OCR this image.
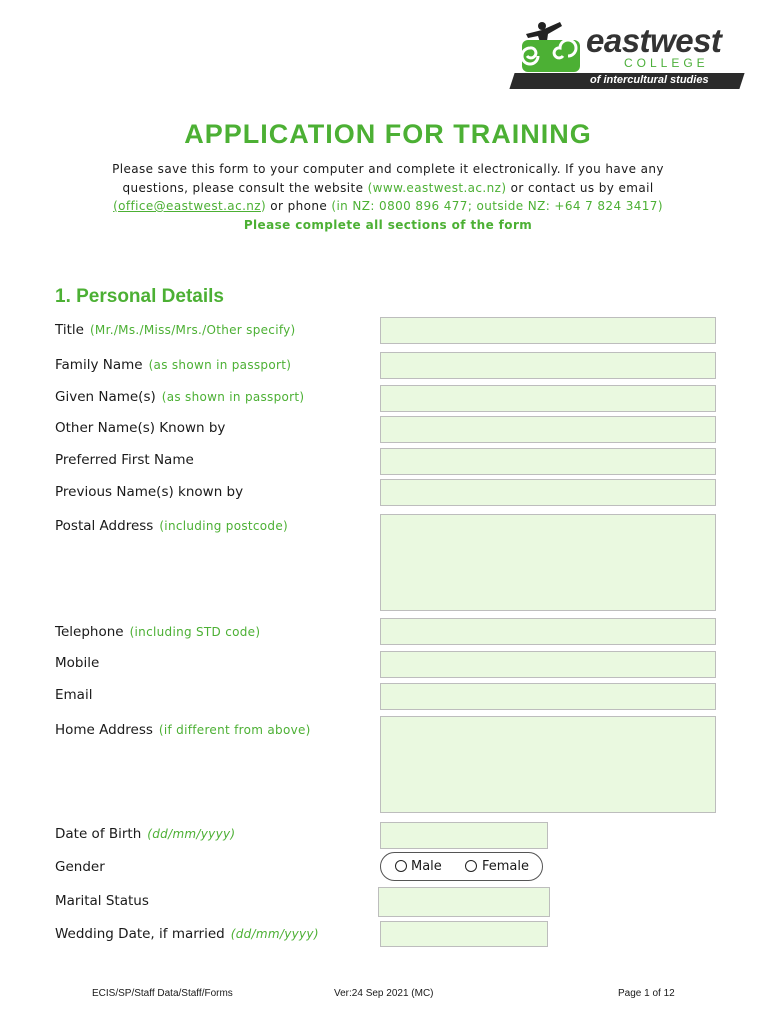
eastwest
COLLEGE
of intercultural studies
APPLICATION FOR TRAINING
Please save this form to your computer and complete it electronically. If you have any
questions, please consult the website (www.eastwest.ac.nz) or contact us by email
(office@eastwest.ac.nz) or phone (in NZ: 0800 896 477; outside NZ: +64 7 824 3417)
Please complete all sections of the form
1. Personal Details
Title (Mr./Ms./Miss/Mrs./Other specify)
Family Name (as shown in passport)
Given Name(s) (as shown in passport)
Other Name(s) Known by
Preferred First Name
Previous Name(s) known by
Postal Address (including postcode)
Telephone (including STD code)
Mobile
Email
Home Address (if different from above)
Date of Birth (dd/mm/yyyy)
Gender	Male	Female
Marital Status
Wedding Date, if married (dd/mm/yyyy)
ECIS/SP/Staff Data/Staff/Forms	Ver:24 Sep 2021 (MC)	Page 1 of 12
